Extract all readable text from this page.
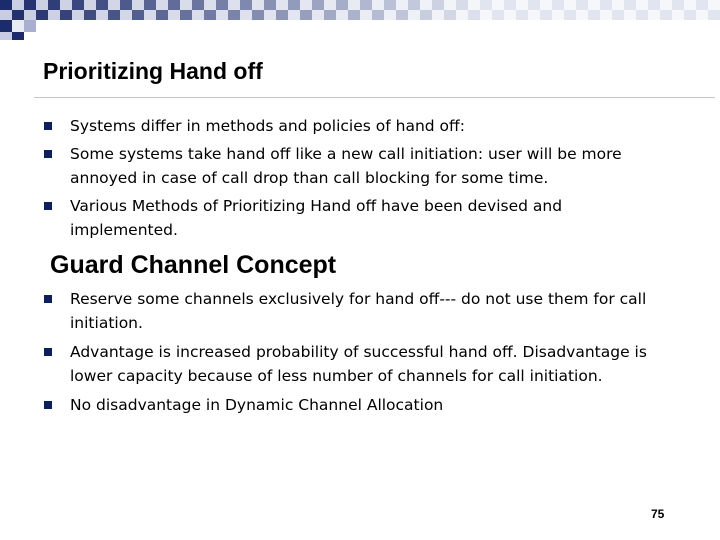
Prioritizing Hand off
Systems differ in methods and policies of hand off:
Some systems take hand off like a new call initiation: user will be more annoyed in case of call drop than call blocking for some time.
Various Methods of Prioritizing Hand off have been devised and implemented.
Guard Channel Concept
Reserve some channels exclusively for hand off--- do not use them for call initiation.
Advantage is increased probability of successful hand off. Disadvantage is lower capacity because of less number of channels for call initiation.
No disadvantage in Dynamic Channel Allocation
75
